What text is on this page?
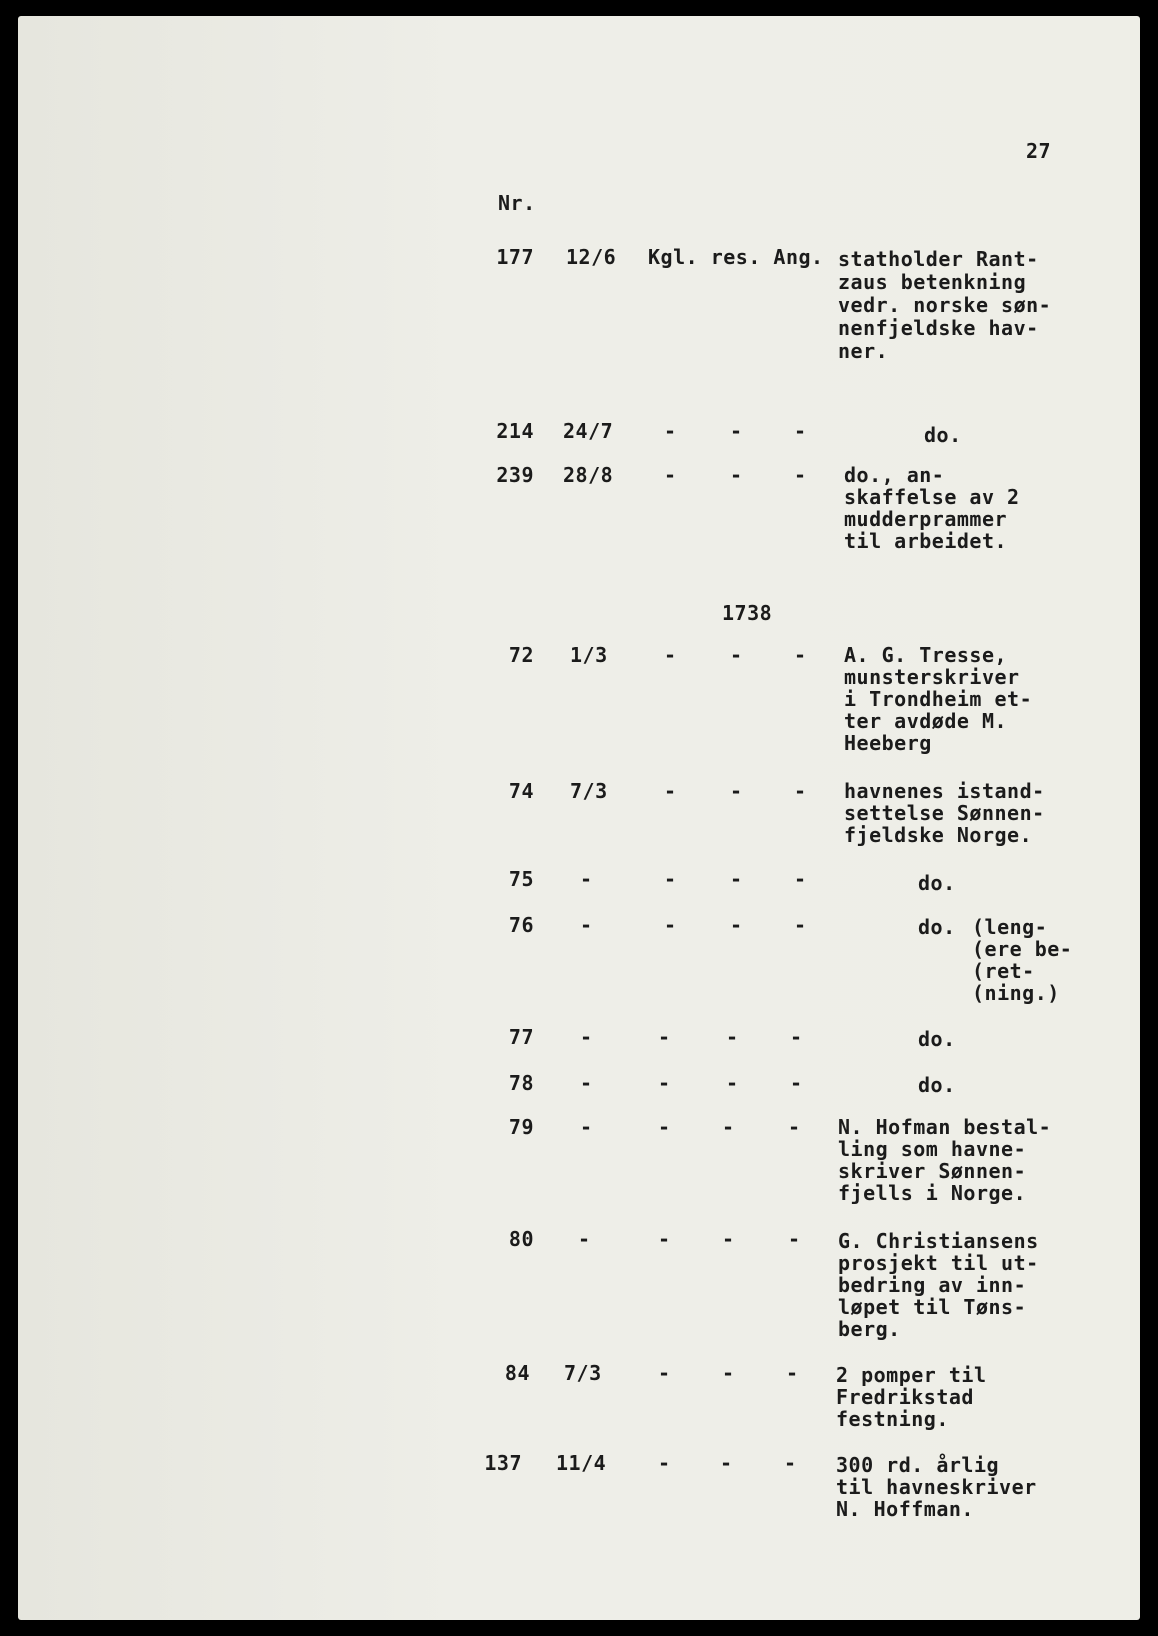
27
Nr.
177 12/6 Kgl. res. Ang. statholder Rant-
zaus betenkning
vedr. norske søn-
nenfjeldske hav-
ner.
214 24/7	-	-	-	do.
239 28/8	-	-	- do., an-
skaffelse av 2
mudderprammer
til arbeidet.
1738
72 1/3	-	-	- A. G. Tresse,
munsterskriver
i Trondheim et-
ter avdøde M.
Heeberg
74 7/3	-	-	- havnenes istand-
settelse Sønnen-
fjeldske Norge.
75 -	-	-	-	do.
76 -	-	-	-	do. (leng-
(ere be-
(ret-
(ning.)
77 -	-	-	-	do.
78 -	-	-	-	do.
79 -	-	-	- N. Hofman bestal-
ling som havne-
skriver Sønnen-
fjells i Norge.
80 -	-	-	- G. Christiansens
prosjekt til ut-
bedring av inn-
løpet til Tøns-
berg.
84 7/3	-	-	- 2 pomper til
Fredrikstad
festning.
137 11/4	- -	- 300 rd. årlig
til havneskriver
N. Hoffman.
